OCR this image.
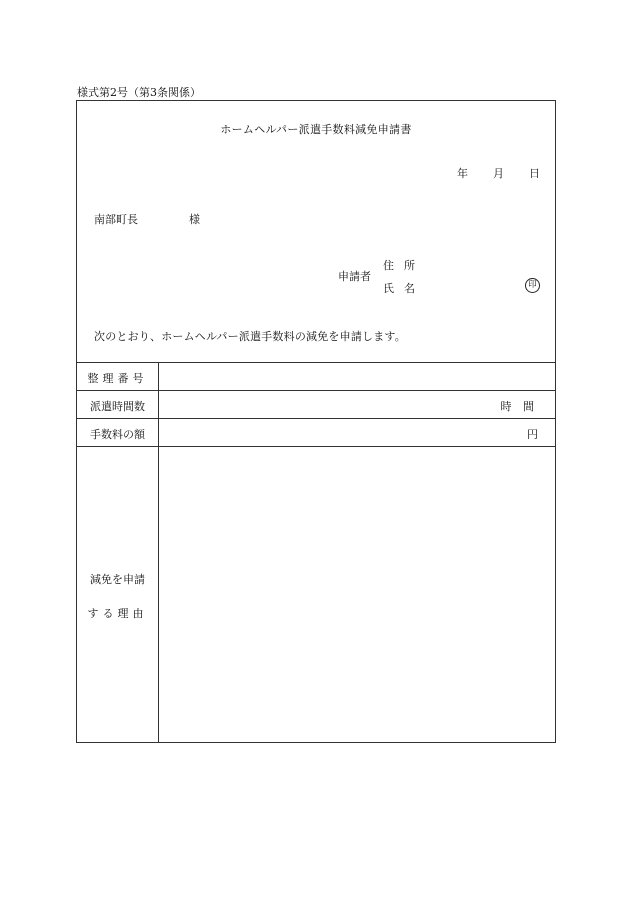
様式第2号（第3条関係）
ホームヘルパー派遣手数料減免申請書
年 月 日
南部町長	様
申請者
住所
氏名	印
次のとおり、ホームヘルパー派遣手数料の減免を申請します。
整理番号
派遣時間数	時 間
手数料の額	円
減免を申請
する理由
